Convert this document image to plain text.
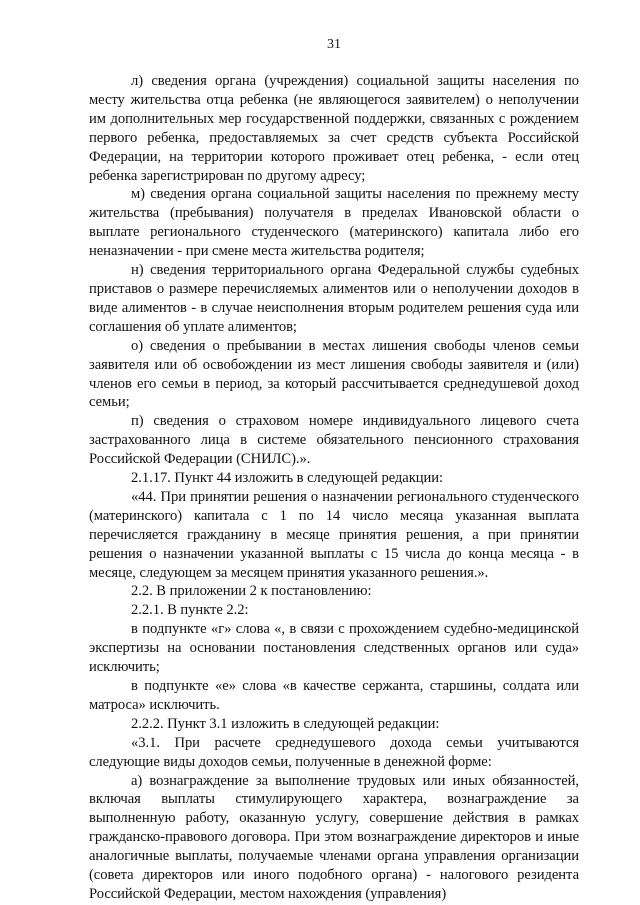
31

л) сведения органа (учреждения) социальной защиты населения по месту жительства отца ребенка (не являющегося заявителем) о неполучении им дополнительных мер государственной поддержки, связанных с рождением первого ребенка, предоставляемых за счет средств субъекта Российской Федерации, на территории которого проживает отец ребенка, - если отец ребенка зарегистрирован по другому адресу;

м) сведения органа социальной защиты населения по прежнему месту жительства (пребывания) получателя в пределах Ивановской области о выплате регионального студенческого (материнского) капитала либо его неназначении - при смене места жительства родителя;

н) сведения территориального органа Федеральной службы судебных приставов о размере перечисляемых алиментов или о неполучении доходов в виде алиментов - в случае неисполнения вторым родителем решения суда или соглашения об уплате алиментов;

о) сведения о пребывании в местах лишения свободы членов семьи заявителя или об освобождении из мест лишения свободы заявителя и (или) членов его семьи в период, за который рассчитывается среднедушевой доход семьи;

п) сведения о страховом номере индивидуального лицевого счета застрахованного лица в системе обязательного пенсионного страхования Российской Федерации (СНИЛС).».

2.1.17. Пункт 44 изложить в следующей редакции:

«44. При принятии решения о назначении регионального студенческого (материнского) капитала с 1 по 14 число месяца указанная выплата перечисляется гражданину в месяце принятия решения, а при принятии решения о назначении указанной выплаты с 15 числа до конца месяца - в месяце, следующем за месяцем принятия указанного решения.».

2.2. В приложении 2 к постановлению:

2.2.1. В пункте 2.2:

в подпункте «г» слова «, в связи с прохождением судебно-медицинской экспертизы на основании постановления следственных органов или суда» исключить;

в подпункте «е» слова «в качестве сержанта, старшины, солдата или матроса» исключить.

2.2.2. Пункт 3.1 изложить в следующей редакции:

«3.1. При расчете среднедушевого дохода семьи учитываются следующие виды доходов семьи, полученные в денежной форме:

а) вознаграждение за выполнение трудовых или иных обязанностей, включая выплаты стимулирующего характера, вознаграждение за выполненную работу, оказанную услугу, совершение действия в рамках гражданско-правового договора. При этом вознаграждение директоров и иные аналогичные выплаты, получаемые членами органа управления организации (совета директоров или иного подобного органа) - налогового резидента Российской Федерации, местом нахождения (управления)
